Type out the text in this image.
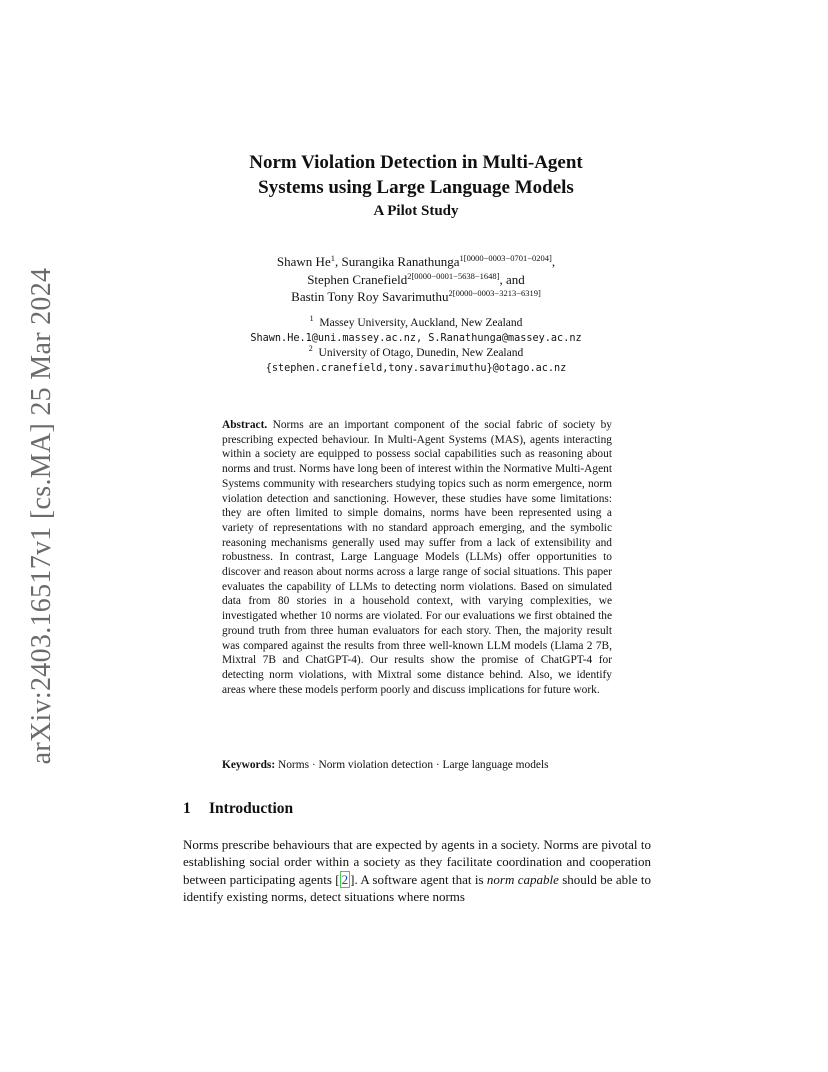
arXiv:2403.16517v1 [cs.MA] 25 Mar 2024
Norm Violation Detection in Multi-Agent
Systems using Large Language Models
A Pilot Study
Shawn He$^1$, Surangika Ranathunga$^{1[0000-0003-0701-0204]}$,
Stephen Cranefield$^{2[0000-0001-5638-1648]}$, and
Bastin Tony Roy Savarimuthu$^{2[0000-0003-3213-6319]}$
$^1$ Massey University, Auckland, New Zealand
Shawn.He.1@uni.massey.ac.nz, S.Ranathunga@massey.ac.nz
$^2$ University of Otago, Dunedin, New Zealand
{stephen.cranefield,tony.savarimuthu}@otago.ac.nz
Abstract. Norms are an important component of the social fabric of society by prescribing expected behaviour. In Multi-Agent Systems (MAS), agents interacting within a society are equipped to possess social capabilities such as reasoning about norms and trust. Norms have long been of interest within the Normative Multi-Agent Systems community with researchers studying topics such as norm emergence, norm violation detection and sanctioning. However, these studies have some limitations: they are often limited to simple domains, norms have been represented using a variety of representations with no standard approach emerging, and the symbolic reasoning mechanisms generally used may suffer from a lack of extensibility and robustness. In contrast, Large Language Models (LLMs) offer opportunities to discover and reason about norms across a large range of social situations. This paper evaluates the capability of LLMs to detecting norm violations. Based on simulated data from 80 stories in a household context, with varying complexities, we investigated whether 10 norms are violated. For our evaluations we first obtained the ground truth from three human evaluators for each story. Then, the majority result was compared against the results from three well-known LLM models (Llama 2 7B, Mixtral 7B and ChatGPT-4). Our results show the promise of ChatGPT-4 for detecting norm violations, with Mixtral some distance behind. Also, we identify areas where these models perform poorly and discuss implications for future work.
Keywords: Norms · Norm violation detection · Large language models
1 Introduction
Norms prescribe behaviours that are expected by agents in a society. Norms are pivotal to establishing social order within a society as they facilitate coordination and cooperation between participating agents [ 2 ]. A software agent that is norm capable should be able to identify existing norms, detect situations where norms
